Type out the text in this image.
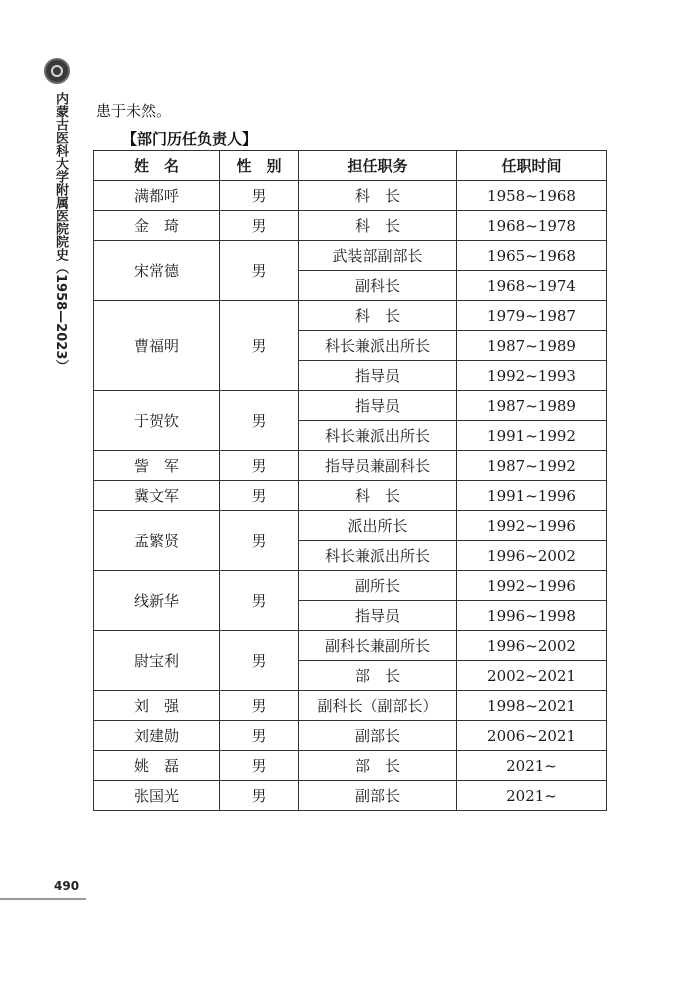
内蒙古医科大学附属医院院史（1958—2023） 患于未然。
【部门历任负责人】
姓　名	性　别	担任职务	任职时间
满都呼	男	科　长	1958~1968
金　琦	男	科　长	1968~1978
宋常德	男	武装部副部长	1965~1968
		副科长	1968~1974
曹福明	男	科　长	1979~1987
		科长兼派出所长	1987~1989
		指导员	1992~1993
于贺钦	男	指导员	1987~1989
		科长兼派出所长	1991~1992
訾　军	男	指导员兼副科长	1987~1992
冀文军	男	科　长	1991~1996
孟繁贤	男	派出所长	1992~1996
		科长兼派出所长	1996~2002
线新华	男	副所长	1992~1996
		指导员	1996~1998
尉宝利	男	副科长兼副所长	1996~2002
		部　长	2002~2021
刘　强	男	副科长（副部长）	1998~2021
刘建勋	男	副部长	2006~2021
姚　磊	男	部　长	2021~
张国光	男	副部长	2021~
490
